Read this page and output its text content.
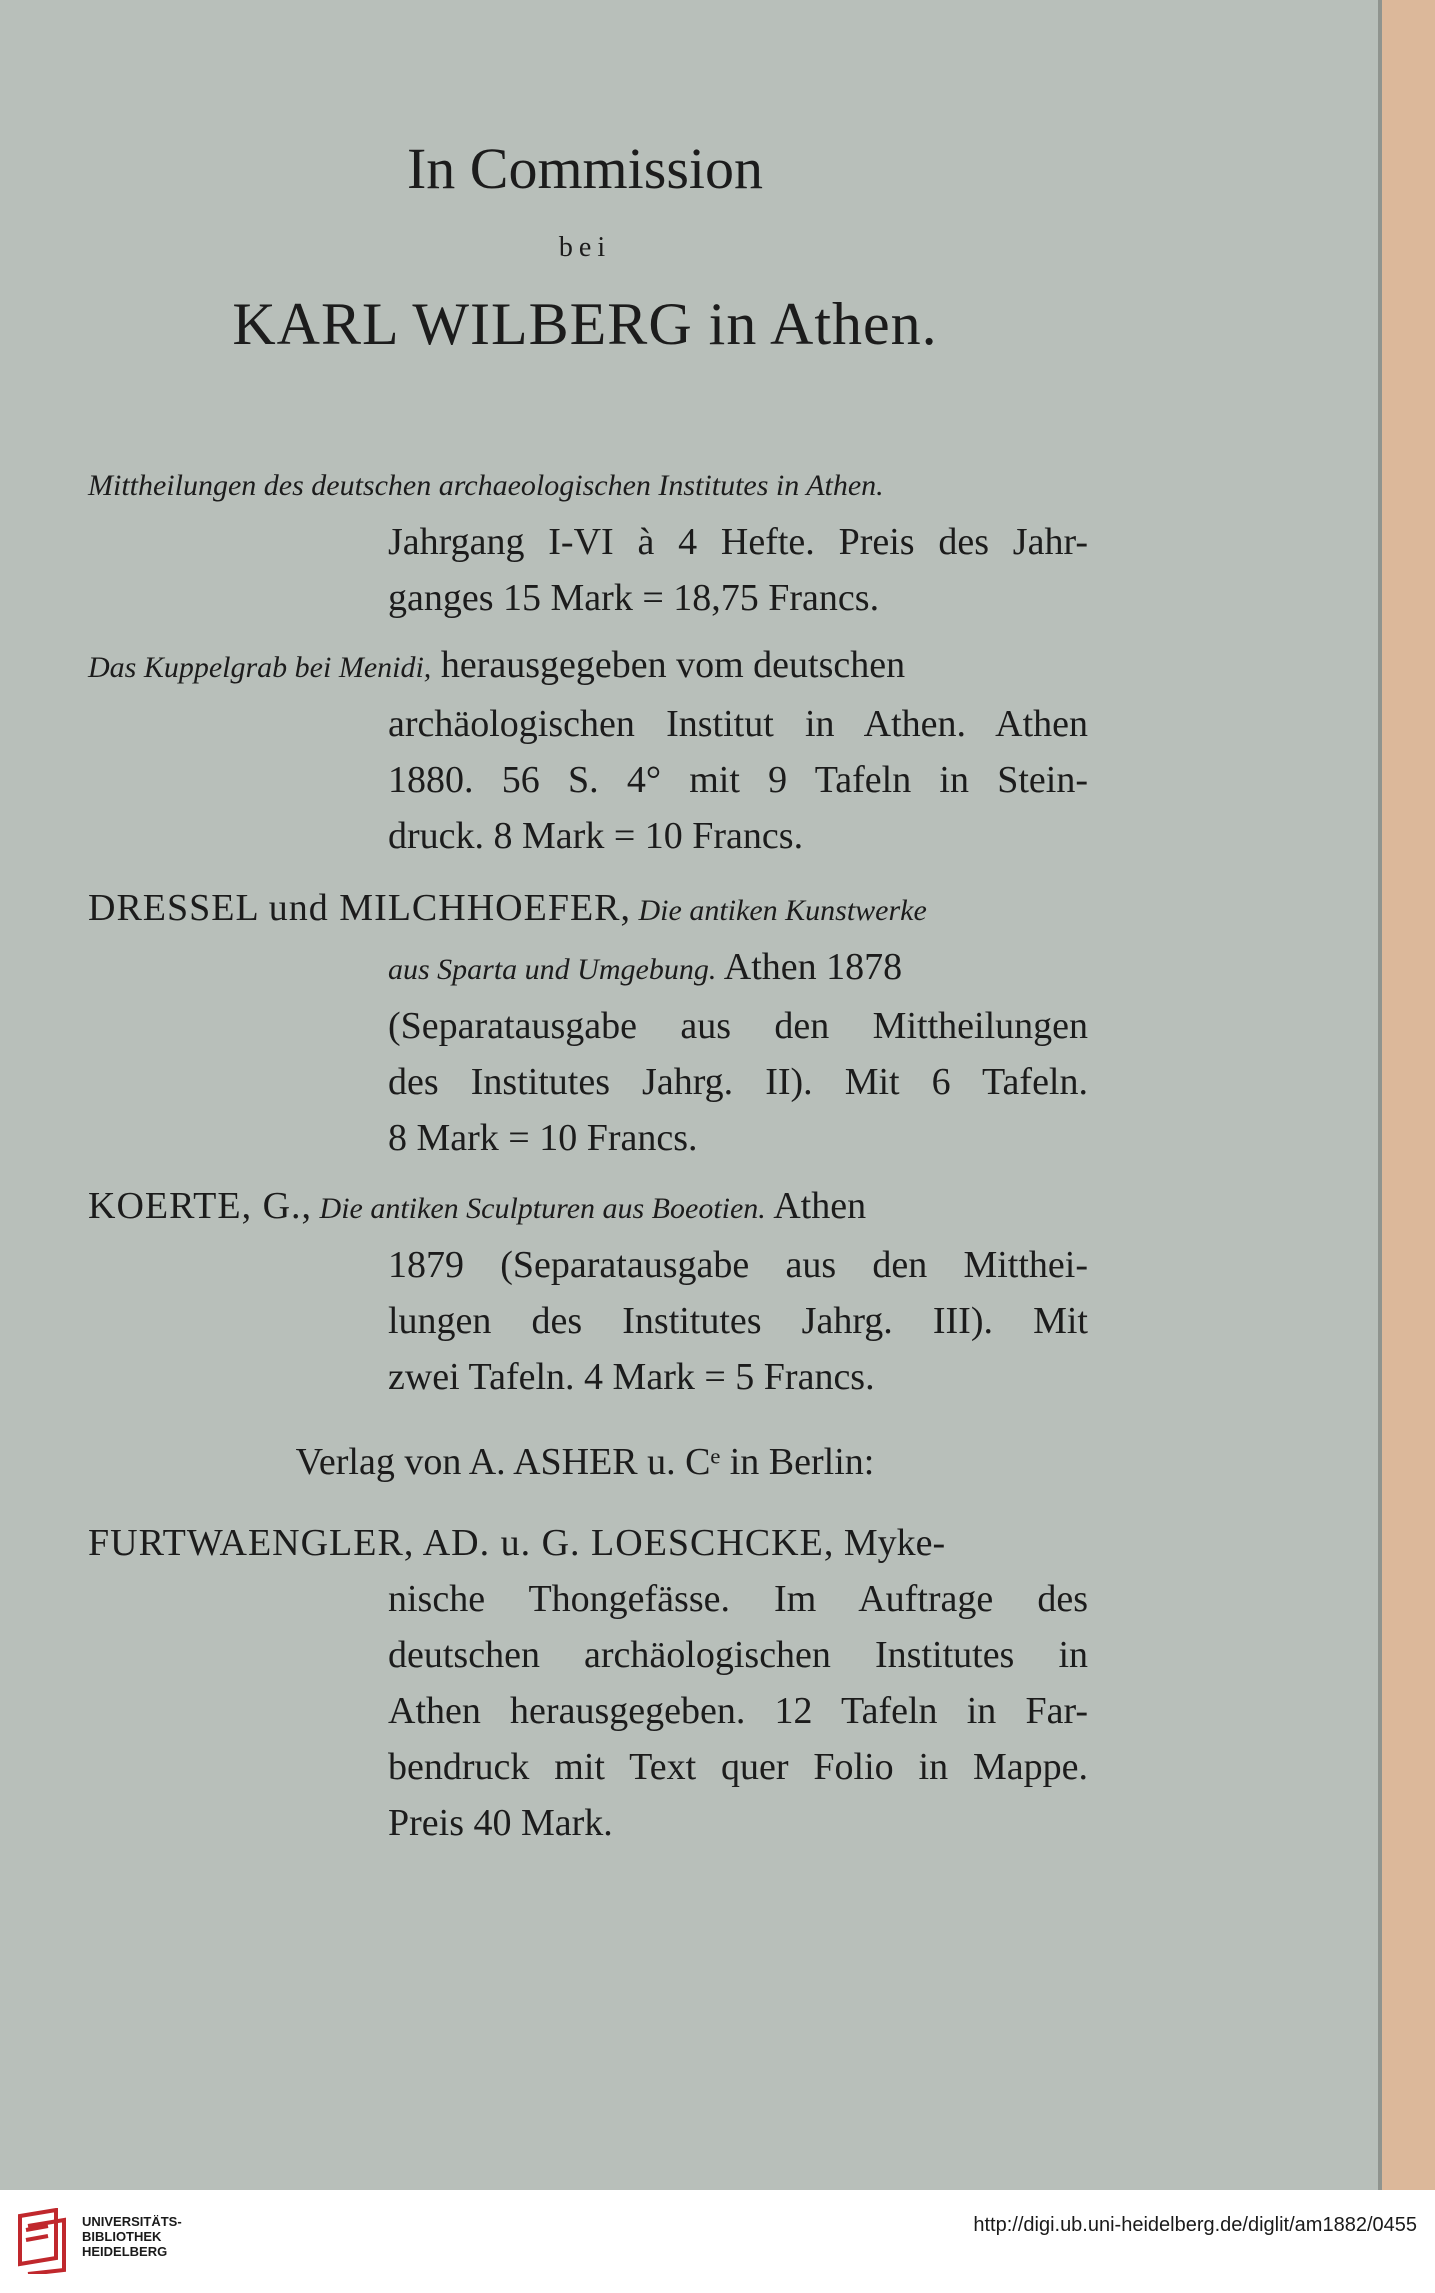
In Commission
bei
KARL WILBERG in Athen.
Mittheilungen des deutschen archaeologischen Institutes in Athen.
Jahrgang I-VI à 4 Hefte. Preis des Jahr-
ganges 15 Mark = 18,75 Francs.
Das Kuppelgrab bei Menidi, herausgegeben vom deutschen
archäologischen Institut in Athen. Athen
1880. 56 S. 4° mit 9 Tafeln in Stein-
druck. 8 Mark = 10 Francs.
DRESSEL und MILCHHOEFER, Die antiken Kunstwerke
aus Sparta und Umgebung. Athen 1878
(Separatausgabe aus den Mittheilungen
des Institutes Jahrg. II). Mit 6 Tafeln.
8 Mark = 10 Francs.
KOERTE, G., Die antiken Sculpturen aus Boeotien. Athen
1879 (Separatausgabe aus den Mitthei-
lungen des Institutes Jahrg. III). Mit
zwei Tafeln. 4 Mark = 5 Francs.
Verlag von A. ASHER u. Cᵉ in Berlin:
FURTWAENGLER, AD. u. G. LOESCHCKE, Myke-
nische Thongefässe. Im Auftrage des
deutschen archäologischen Institutes in
Athen herausgegeben. 12 Tafeln in Far-
bendruck mit Text quer Folio in Mappe.
Preis 40 Mark.
UNIVERSITÄTS-
BIBLIOTHEK
HEIDELBERG
http://digi.ub.uni-heidelberg.de/diglit/am1882/0455
